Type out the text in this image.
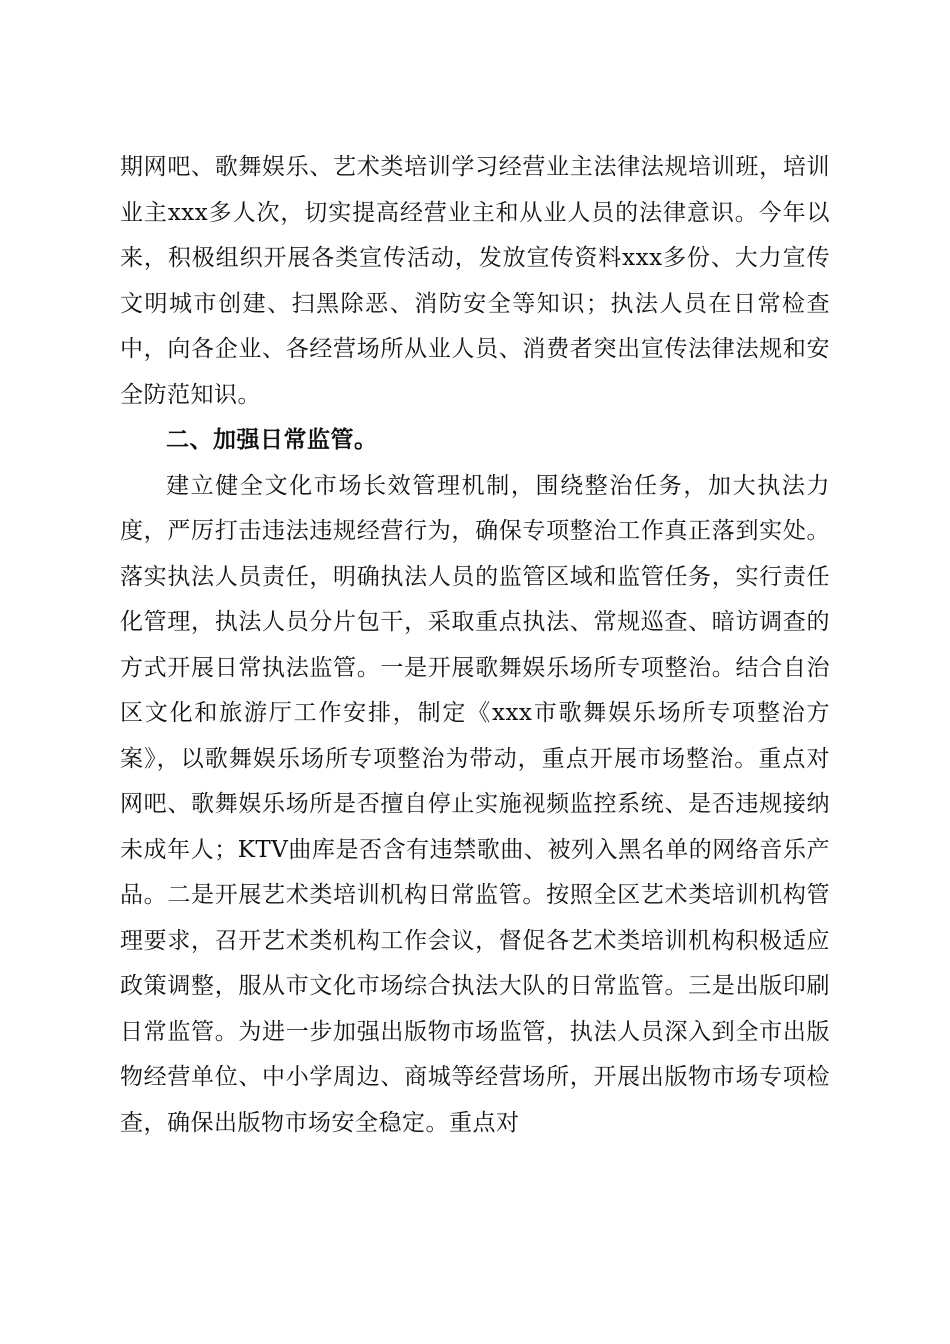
期网吧、歌舞娱乐、艺术类培训学习经营业主法律法规培训班，培训业主xxx多人次，切实提高经营业主和从业人员的法律意识。今年以来，积极组织开展各类宣传活动，发放宣传资料xxx多份、大力宣传文明城市创建、扫黑除恶、消防安全等知识；执法人员在日常检查中，向各企业、各经营场所从业人员、消费者突出宣传法律法规和安全防范知识。

二、加强日常监管。

建立健全文化市场长效管理机制，围绕整治任务，加大执法力度，严厉打击违法违规经营行为，确保专项整治工作真正落到实处。落实执法人员责任，明确执法人员的监管区域和监管任务，实行责任化管理，执法人员分片包干，采取重点执法、常规巡查、暗访调查的方式开展日常执法监管。一是开展歌舞娱乐场所专项整治。结合自治区文化和旅游厅工作安排，制定《xxx市歌舞娱乐场所专项整治方案》，以歌舞娱乐场所专项整治为带动，重点开展市场整治。重点对网吧、歌舞娱乐场所是否擅自停止实施视频监控系统、是否违规接纳未成年人；KTV曲库是否含有违禁歌曲、被列入黑名单的网络音乐产品。二是开展艺术类培训机构日常监管。按照全区艺术类培训机构管理要求，召开艺术类机构工作会议，督促各艺术类培训机构积极适应政策调整，服从市文化市场综合执法大队的日常监管。三是出版印刷日常监管。为进一步加强出版物市场监管，执法人员深入到全市出版物经营单位、中小学周边、商城等经营场所，开展出版物市场专项检查，确保出版物市场安全稳定。重点对
